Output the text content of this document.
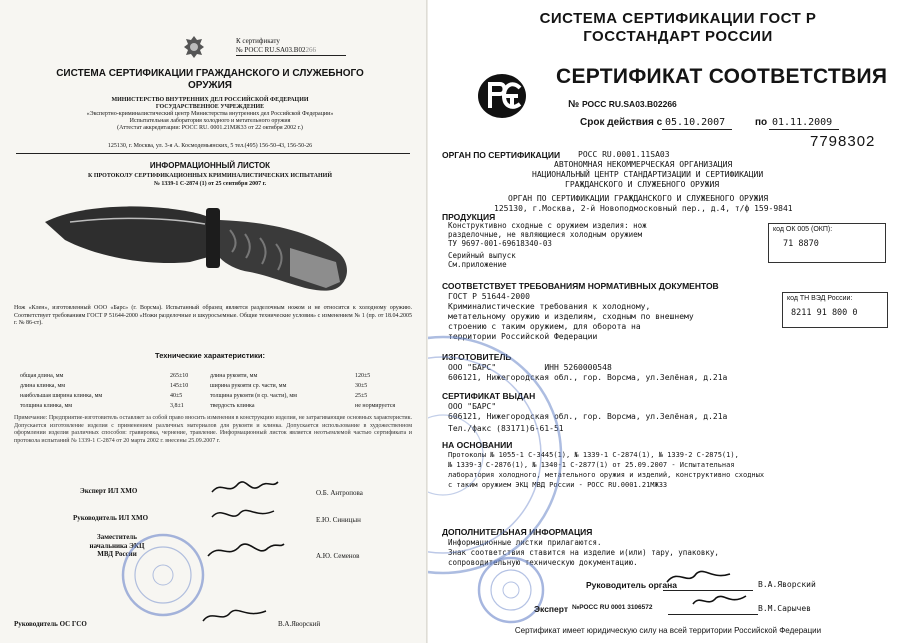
К сертификату
№ РОСС RU.SA03.B02266
СИСТЕМА СЕРТИФИКАЦИИ ГРАЖДАНСКОГО И СЛУЖЕБНОГО ОРУЖИЯ
МИНИСТЕРСТВО ВНУТРЕННИХ ДЕЛ РОССИЙСКОЙ ФЕДЕРАЦИИ
ГОСУДАРСТВЕННОЕ УЧРЕЖДЕНИЕ
«Экспертно-криминалистический центр Министерства внутренних дел Российской Федерации»
Испытательная лаборатория холодного и метательного оружия
(Аттестат аккредитации: РОСС RU. 0001.21МЖ33 от 22 октября 2002 г.)
125130, г. Москва, ул. 3-я А. Космодемьянских, 5 тел.(495) 156-50-43, 156-50-26
ИНФОРМАЦИОННЫЙ ЛИСТОК
К ПРОТОКОЛУ СЕРТИФИКАЦИОННЫХ КРИМИНАЛИСТИЧЕСКИХ ИСПЫТАНИЙ
№ 1339-1 С-2874 (1) от 25 сентября 2007 г.
Нож «Клен», изготовленный ООО «Барс» (г. Ворсма). Испытанный образец является разделочным ножом и не относится к холодному оружию. Соответствует требованиям ГОСТ Р 51644-2000 «Ножи разделочные и шкуросъемные. Общие технические условия» с изменением № 1 (пр. от 18.04.2005 г. № 86-ст).
Технические характеристики:
общая длина, мм	265±10	длина рукояти, мм	120±5
длина клинка, мм	145±10	ширина рукояти ср. части, мм	30±5
наибольшая ширина клинка, мм	40±5	толщина рукояти (в ср. части), мм	25±5
толщина клинка, мм	3,8±1	твердость клинка	не нормируется
Примечание: Предприятие-изготовитель оставляет за собой право вносить изменения в конструкцию изделия, не затрагивающие основных характеристик. Допускается изготовление изделия с применением различных материалов для рукояти и клинка. Допускается использование в художественном оформлении изделия различных способов: гравировка, чернение, травление. Информационный листок является неотъемлемой частью сертификата и протокола испытаний № 1339-1 С-2874 от 20 марта 2002 г. внесены 25.09.2007 г.
Эксперт ИЛ ХМО	О.Б. Антропова
Руководитель ИЛ ХМО	Е.Ю. Синицын
Заместитель начальника ЭКЦ МВД России	А.Ю. Семенов
Руководитель ОС ГСО	В.А.Яворский
СИСТЕМА СЕРТИФИКАЦИИ ГОСТ Р
ГОССТАНДАРТ РОССИИ
СЕРТИФИКАТ СООТВЕТСТВИЯ
№ РОСС RU.SA03.B02266
Срок действия с 05.10.2007	по 01.11.2009
7798302
ОРГАН ПО СЕРТИФИКАЦИИ РОСС RU.0001.11SA03
АВТОНОМНАЯ НЕКОММЕРЧЕСКАЯ ОРГАНИЗАЦИЯ
НАЦИОНАЛЬНЫЙ ЦЕНТР СТАНДАРТИЗАЦИИ И СЕРТИФИКАЦИИ
ГРАЖДАНСКОГО И СЛУЖЕБНОГО ОРУЖИЯ
ОРГАН ПО СЕРТИФИКАЦИИ ГРАЖДАНСКОГО И СЛУЖЕБНОГО ОРУЖИЯ
125130, г.Москва, 2-й Новоподмосковный пер., д.4, т/ф 159-9841
ПРОДУКЦИЯ
Конструктивно сходные с оружием изделия: нож
разделочные, не являющиеся холодным оружием
ТУ 9697-001-69618340-03
Серийный выпуск
См.приложение
код ОК 005 (ОКП):
71 8870
СООТВЕТСТВУЕТ ТРЕБОВАНИЯМ НОРМАТИВНЫХ ДОКУМЕНТОВ
ГОСТ Р 51644-2000
Криминалистические требования к холодному,
метательному оружию и изделиям, сходным по внешнему
строению с таким оружием, для оборота на
территории Российской Федерации
код ТН ВЭД России:
8211 91 800 0
ИЗГОТОВИТЕЛЬ
ООО "БАРС"          ИНН 5260000548
606121, Нижегородская обл., гор. Ворсма, ул.Зелёная, д.21а
СЕРТИФИКАТ ВЫДАН
ООО "БАРС"
606121, Нижегородская обл., гор. Ворсма, ул.Зелёная, д.21а
Тел./факс (83171)6-61-51
НА ОСНОВАНИИ
Протоколы № 1055-1 С-3445(1), № 1339-1 С-2874(1), № 1339-2 С-2875(1),
№ 1339-3 С-2876(1), № 1340-1 С-2877(1) от 25.09.2007 - Испытательная
лаборатория холодного, метательного оружия и изделий, конструктивно сходных
с таким оружием ЭКЦ МВД России - РОСС RU.0001.21МЖ33
ДОПОЛНИТЕЛЬНАЯ ИНФОРМАЦИЯ
Информационные листки прилагаются.
Знак соответствия ставится на изделие и(или) тару, упаковку,
сопроводительную техническую документацию.
Руководитель органа	В.А.Яворский
Эксперт №РОСС RU 0001 3106572	В.М.Сарычев
Сертификат имеет юридическую силу на всей территории Российской Федерации
